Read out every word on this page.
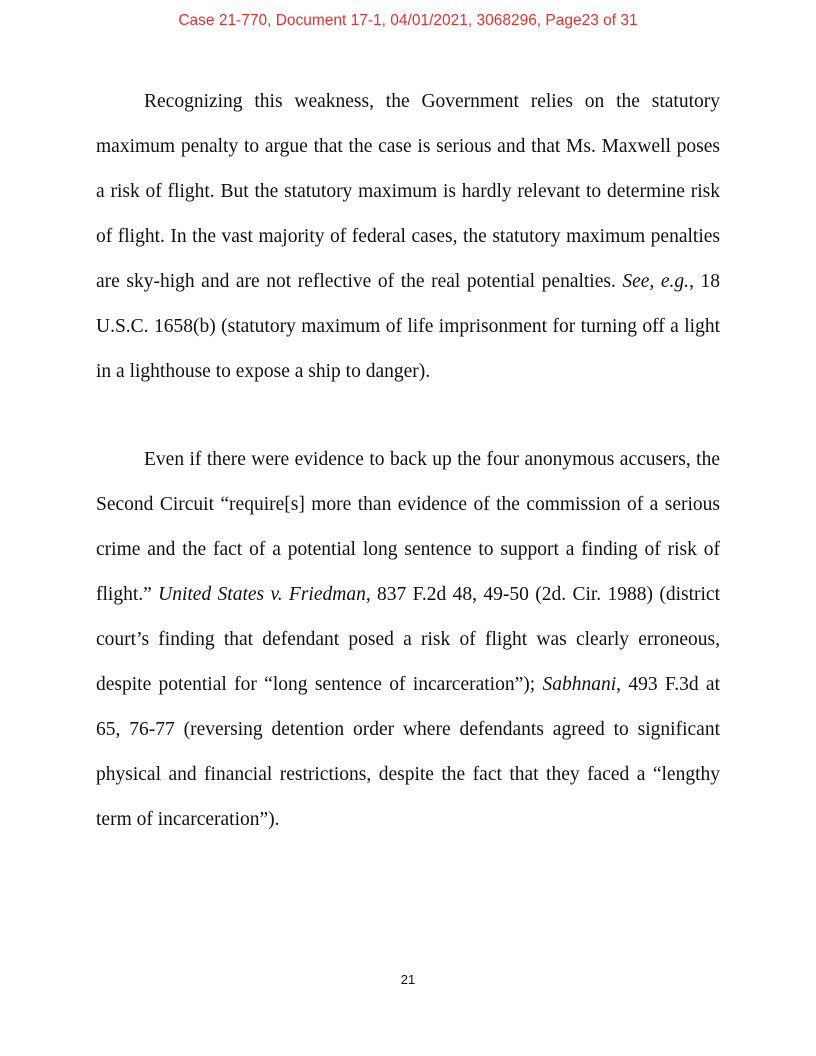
Case 21-770, Document 17-1, 04/01/2021, 3068296, Page23 of 31

Recognizing this weakness, the Government relies on the statutory maximum penalty to argue that the case is serious and that Ms. Maxwell poses a risk of flight. But the statutory maximum is hardly relevant to determine risk of flight. In the vast majority of federal cases, the statutory maximum penalties are sky-high and are not reflective of the real potential penalties. See, e.g., 18 U.S.C. 1658(b) (statutory maximum of life imprisonment for turning off a light in a lighthouse to expose a ship to danger).

Even if there were evidence to back up the four anonymous accusers, the Second Circuit “require[s] more than evidence of the commission of a serious crime and the fact of a potential long sentence to support a finding of risk of flight.” United States v. Friedman, 837 F.2d 48, 49-50 (2d. Cir. 1988) (district court’s finding that defendant posed a risk of flight was clearly erroneous, despite potential for “long sentence of incarceration”); Sabhnani, 493 F.3d at 65, 76-77 (reversing detention order where defendants agreed to significant physical and financial restrictions, despite the fact that they faced a “lengthy term of incarceration”).

21
